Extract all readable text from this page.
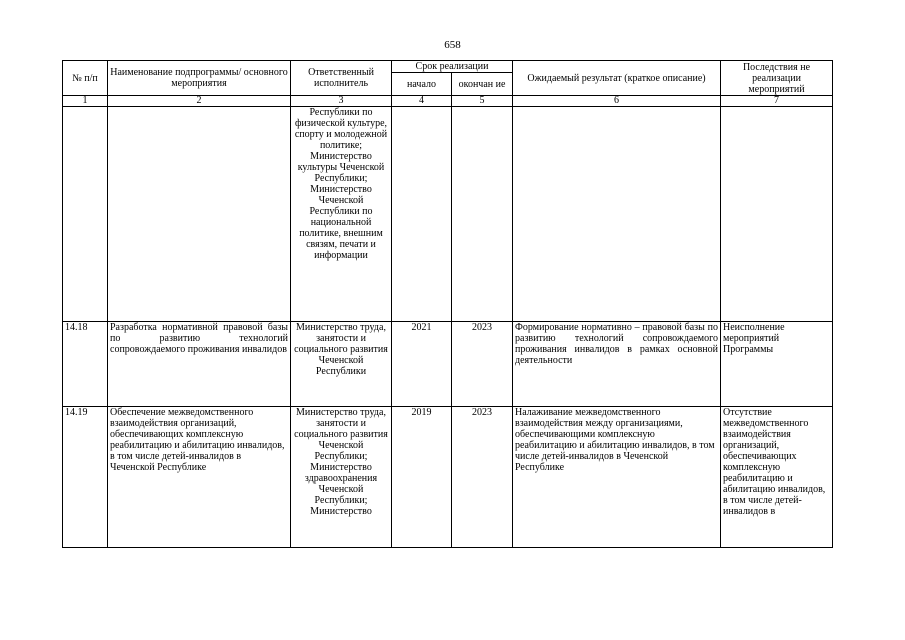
658
№ п/п	Наименование подпрограммы/ основного мероприятия	Ответственный исполнитель	Срок реализации		Ожидаемый результат (краткое описание)	Последствия не реализации мероприятий
			начало	окончан ие		
1	2	3	4	5	6	7
		Республики по физической культуре, спорту и молодежной политике; Министерство культуры Чеченской Республики; Министерство Чеченской Республики по национальной политике, внешним связям, печати и информации				
14.18	Разработка нормативной правовой базы по развитию технологий сопровождаемого проживания инвалидов	Министерство труда, занятости и социального развития Чеченской Республики	2021	2023	Формирование нормативно – правовой базы по развитию технологий сопровождаемого проживания инвалидов в рамках основной деятельности	Неисполнение мероприятий Программы
14.19	Обеспечение межведомственного взаимодействия организаций, обеспечивающих комплексную реабилитацию и абилитацию инвалидов, в том числе детей-инвалидов в Чеченской Республике	Министерство труда, занятости и социального развития Чеченской Республики; Министерство здравоохранения Чеченской Республики; Министерство	2019	2023	Налаживание межведомственного взаимодействия между организациями, обеспечивающими комплексную реабилитацию и абилитацию инвалидов, в том числе детей-инвалидов в Чеченской Республике	Отсутствие межведомственного взаимодействия организаций, обеспечивающих комплексную реабилитацию и абилитацию инвалидов, в том числе детей-инвалидов в
